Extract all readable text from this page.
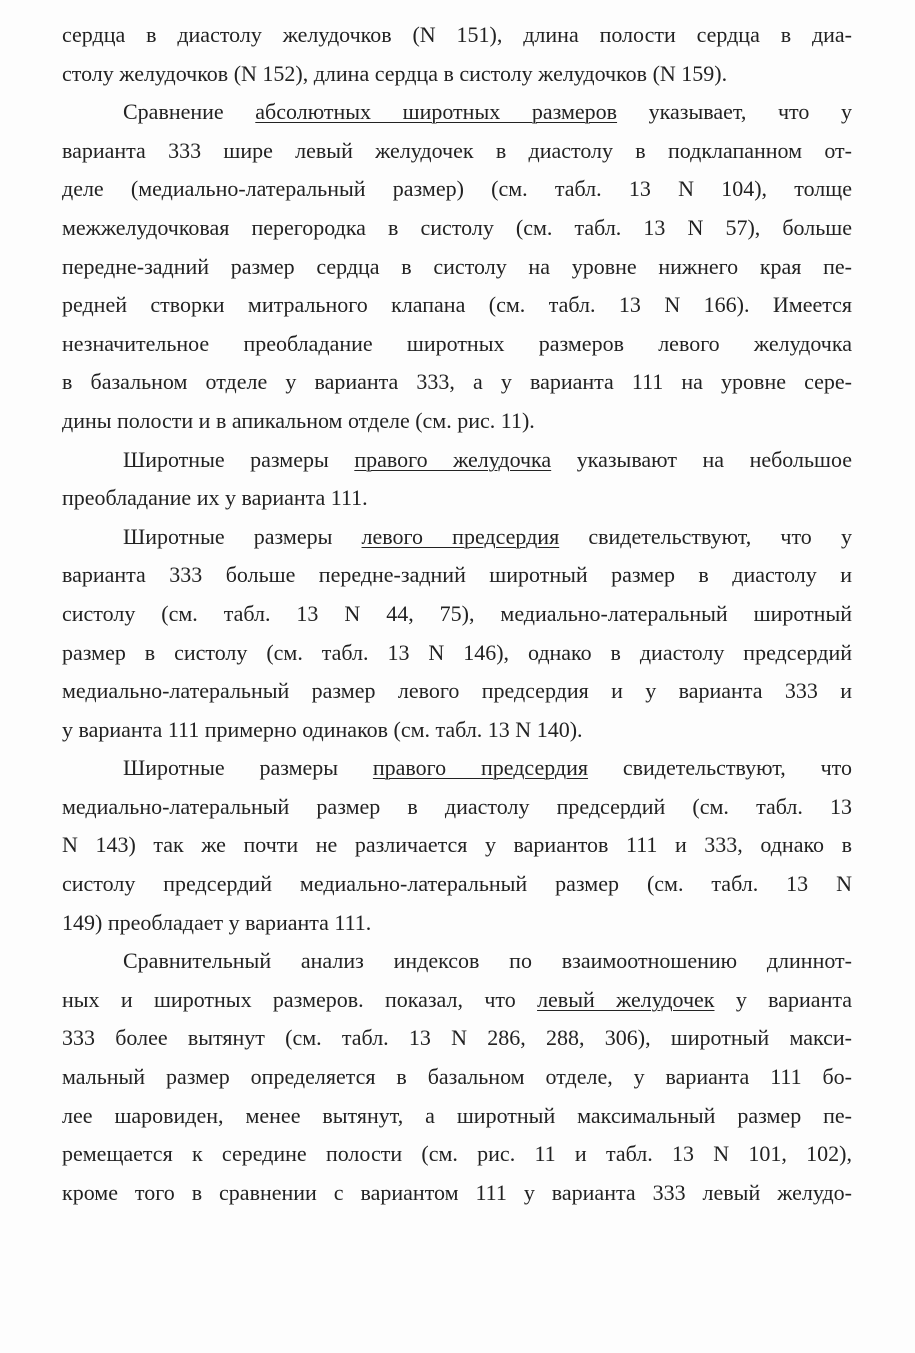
сердца в диастолу желудочков (N 151), длина полости сердца в диа-
столу желудочков (N 152), длина сердца в систолу желудочков (N 159).
Сравнение абсолютных широтных размеров указывает, что у
варианта 333 шире левый желудочек в диастолу в подклапанном от-
деле (медиально-латеральный размер) (см. табл. 13 N 104), толще
межжелудочковая перегородка в систолу (см. табл. 13 N 57), больше
передне-задний размер сердца в систолу на уровне нижнего края пе-
редней створки митрального клапана (см. табл. 13 N 166). Имеется
незначительное преобладание широтных размеров левого желудочка
в базальном отделе у варианта 333, а у варианта 111 на уровне сере-
дины полости и в апикальном отделе (см. рис. 11).
Широтные размеры правого желудочка указывают на небольшое
преобладание их у варианта 111.
Широтные размеры левого предсердия свидетельствуют, что у
варианта 333 больше передне-задний широтный размер в диастолу и
систолу (см. табл. 13 N 44, 75), медиально-латеральный широтный
размер в систолу (см. табл. 13 N 146), однако в диастолу предсердий
медиально-латеральный размер левого предсердия и у варианта 333 и
у варианта 111 примерно одинаков (см. табл. 13 N 140).
Широтные размеры правого предсердия свидетельствуют, что
медиально-латеральный размер в диастолу предсердий (см. табл. 13
N 143) так же почти не различается у вариантов 111 и 333, однако в
систолу предсердий медиально-латеральный размер (см. табл. 13 N
149) преобладает у варианта 111.
Сравнительный анализ индексов по взаимоотношению длиннот-
ных и широтных размеров. показал, что левый желудочек у варианта
333 более вытянут (см. табл. 13 N 286, 288, 306), широтный макси-
мальный размер определяется в базальном отделе, у варианта 111 бо-
лее шаровиден, менее вытянут, а широтный максимальный размер пе-
ремещается к середине полости (см. рис. 11 и табл. 13 N 101, 102),
кроме того в сравнении с вариантом 111 у варианта 333 левый желудо-
